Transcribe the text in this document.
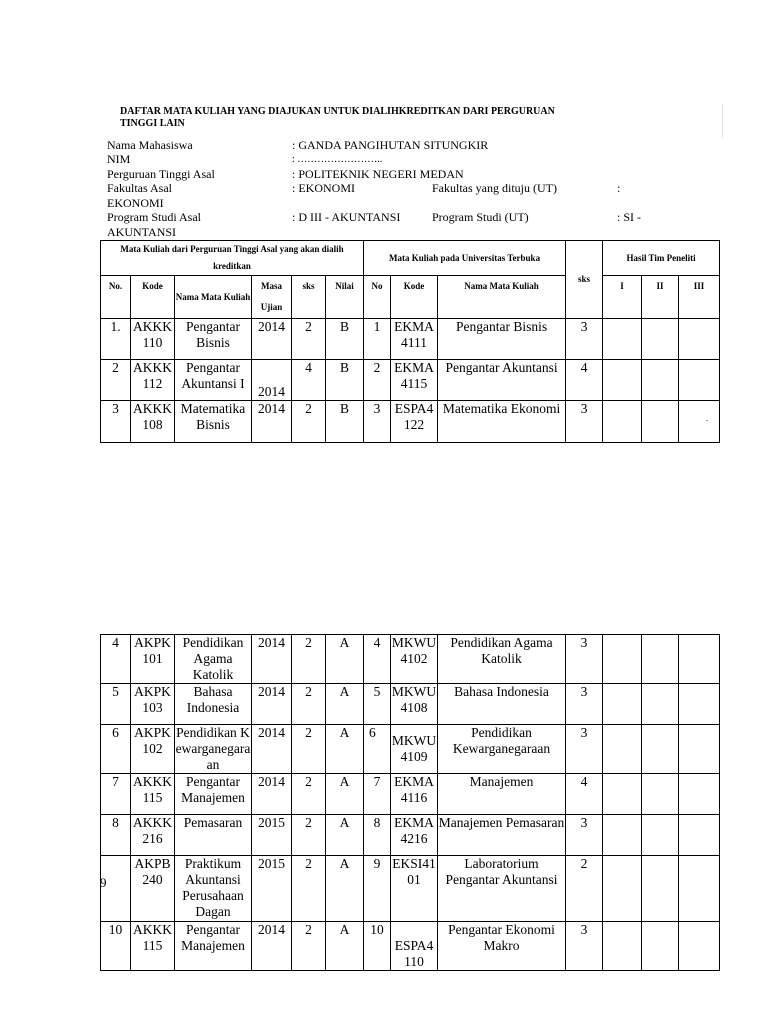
DAFTAR MATA KULIAH YANG DIAJUKAN UNTUK DIALIHKREDITKAN DARI PERGURUAN TINGGI LAIN
Nama Mahasiswa	: GANDA PANGIHUTAN SITUNGKIR
NIM	: ……………………..
Perguruan Tinggi Asal	: POLITEKNIK NEGERI MEDAN
Fakultas Asal	: EKONOMI	Fakultas yang dituju (UT)	:
EKONOMI
Program Studi Asal	: D III - AKUNTANSI	Program Studi (UT)	: SI -
AKUNTANSI
Mata Kuliah dari Perguruan Tinggi Asal yang akan dialih kreditkan						Mata Kuliah pada Universitas Terbuka			sks	Hasil Tim Peneliti		
No.	Kode	Nama Mata Kuliah	Masa Ujian	sks	Nilai	No	Kode	Nama Mata Kuliah		I	II	III
1.	AKKK 110	Pengantar Bisnis	2014	2	B	1	EKMA 4111	Pengantar Bisnis	3			
2	AKKK 112	Pengantar Akuntansi I	2014	4	B	2	EKMA 4115	Pengantar Akuntansi	4			
3	AKKK 108	Matematika Bisnis	2014	2	B	3	ESPA4 122	Matematika Ekonomi	3			
.
4	AKPK 101	Pendidikan Agama Katolik	2014	2	A	4	MKWU 4102	Pendidikan Agama Katolik	3			
5	AKPK 103	Bahasa Indonesia	2014	2	A	5	MKWU 4108	Bahasa Indonesia	3			
6	AKPK 102	Pendidikan Kewarganegaraan	2014	2	A	6	MKWU 4109	Pendidikan Kewarganegaraan	3			
7	AKKK 115	Pengantar Manajemen	2014	2	A	7	EKMA 4116	Manajemen	4			
8	AKKK 216	Pemasaran	2015	2	A	8	EKMA 4216	Manajemen Pemasaran	3			
	AKPB 240	Praktikum Akuntansi Perusahaan Dagan	2015	2	A	9	EKSI4101	Laboratorium Pengantar Akuntansi	2			
10	AKKK 115	Pengantar Manajemen	2014	2	A	10	ESPA4 110	Pengantar Ekonomi Makro	3			
9
